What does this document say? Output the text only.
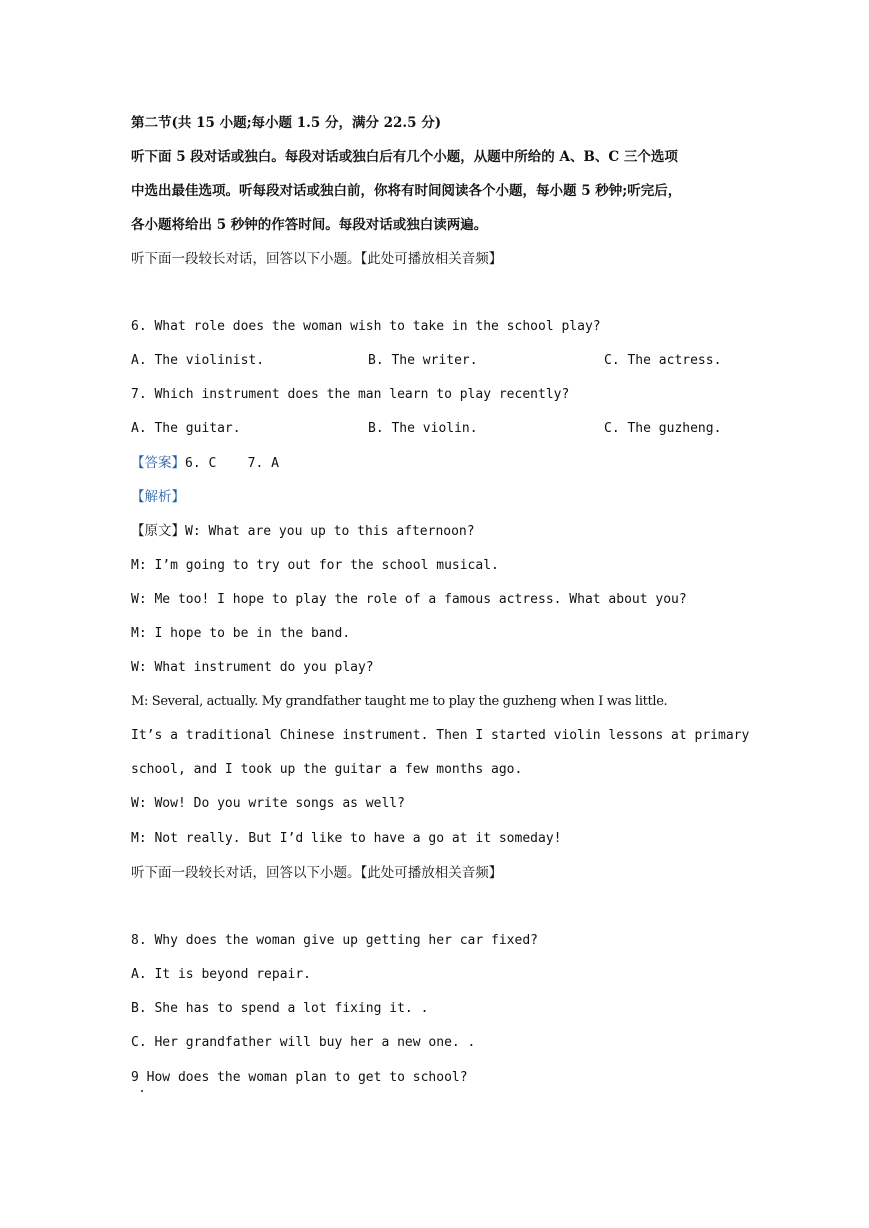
第二节(共 15 小题;每小题 1.5 分，满分 22.5 分)
听下面 5 段对话或独白。每段对话或独白后有几个小题，从题中所给的 A、B、C 三个选项
中选出最佳选项。听每段对话或独白前，你将有时间阅读各个小题，每小题 5 秒钟;听完后，
各小题将给出 5 秒钟的作答时间。每段对话或独白读两遍。
听下面一段较长对话，回答以下小题。【此处可播放相关音频】
6. What role does the woman wish to take in the school play?
A. The violinist.	B. The writer.	C. The actress.
7. Which instrument does the man learn to play recently?
A. The guitar.	B. The violin.	C. The guzheng.
【答案】6. C    7. A
【解析】
【原文】W: What are you up to this afternoon?
M: I’m going to try out for the school musical.
W: Me too! I hope to play the role of a famous actress. What about you?
M: I hope to be in the band.
W: What instrument do you play?
M: Several, actually. My grandfather taught me to play the guzheng when I was little.
It’s a traditional Chinese instrument. Then I started violin lessons at primary
school, and I took up the guitar a few months ago.
W: Wow! Do you write songs as well?
M: Not really. But I’d like to have a go at it someday!
听下面一段较长对话，回答以下小题。【此处可播放相关音频】
8. Why does the woman give up getting her car fixed?
A. It is beyond repair.
B. She has to spend a lot fixing it. .
C. Her grandfather will buy her a new one. .
9 How does the woman plan to get to school?
